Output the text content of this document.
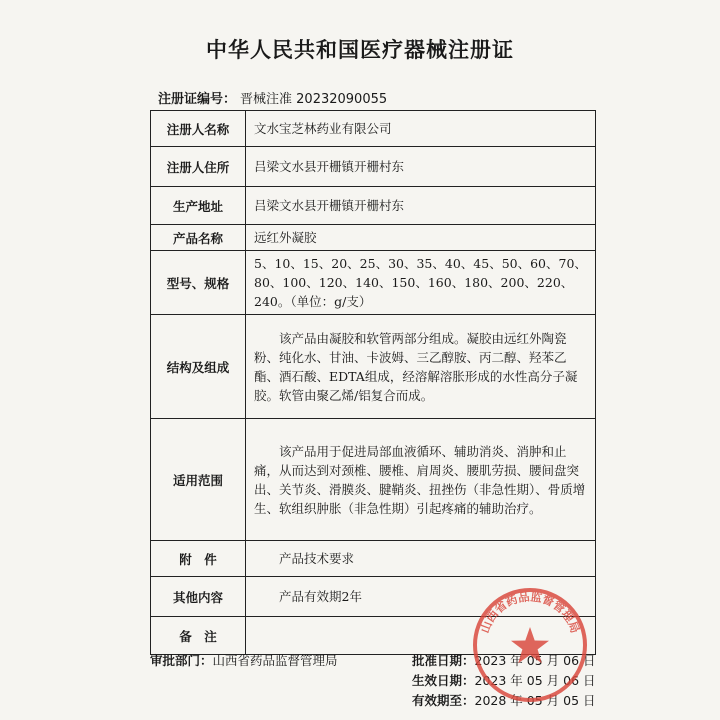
中华人民共和国医疗器械注册证
注册证编号： 晋械注准 20232090055
注册人名称	文水宝芝林药业有限公司
注册人住所	吕梁文水县开栅镇开栅村东
生产地址	吕梁文水县开栅镇开栅村东
产品名称	远红外凝胶
型号、规格	5、10、15、20、25、30、35、40、45、50、60、70、80、100、120、140、150、160、180、200、220、240。（单位：g/支）
结构及组成	该产品由凝胶和软管两部分组成。凝胶由远红外陶瓷粉、纯化水、甘油、卡波姆、三乙醇胺、丙二醇、羟苯乙酯、酒石酸、EDTA组成，经溶解溶胀形成的水性高分子凝胶。软管由聚乙烯/铝复合而成。
适用范围	该产品用于促进局部血液循环、辅助消炎、消肿和止痛，从而达到对颈椎、腰椎、肩周炎、腰肌劳损、腰间盘突出、关节炎、滑膜炎、腱鞘炎、扭挫伤（非急性期）、骨质增生、软组织肿胀（非急性期）引起疼痛的辅助治疗。
附　件	产品技术要求
其他内容	产品有效期2年
备　注	
审批部门：山西省药品监督管理局	批准日期：2023 年 05 月 06 日
生效日期：2023 年 05 月 06 日
有效期至：2028 年 05 月 05 日
山西省药品监督管理局
